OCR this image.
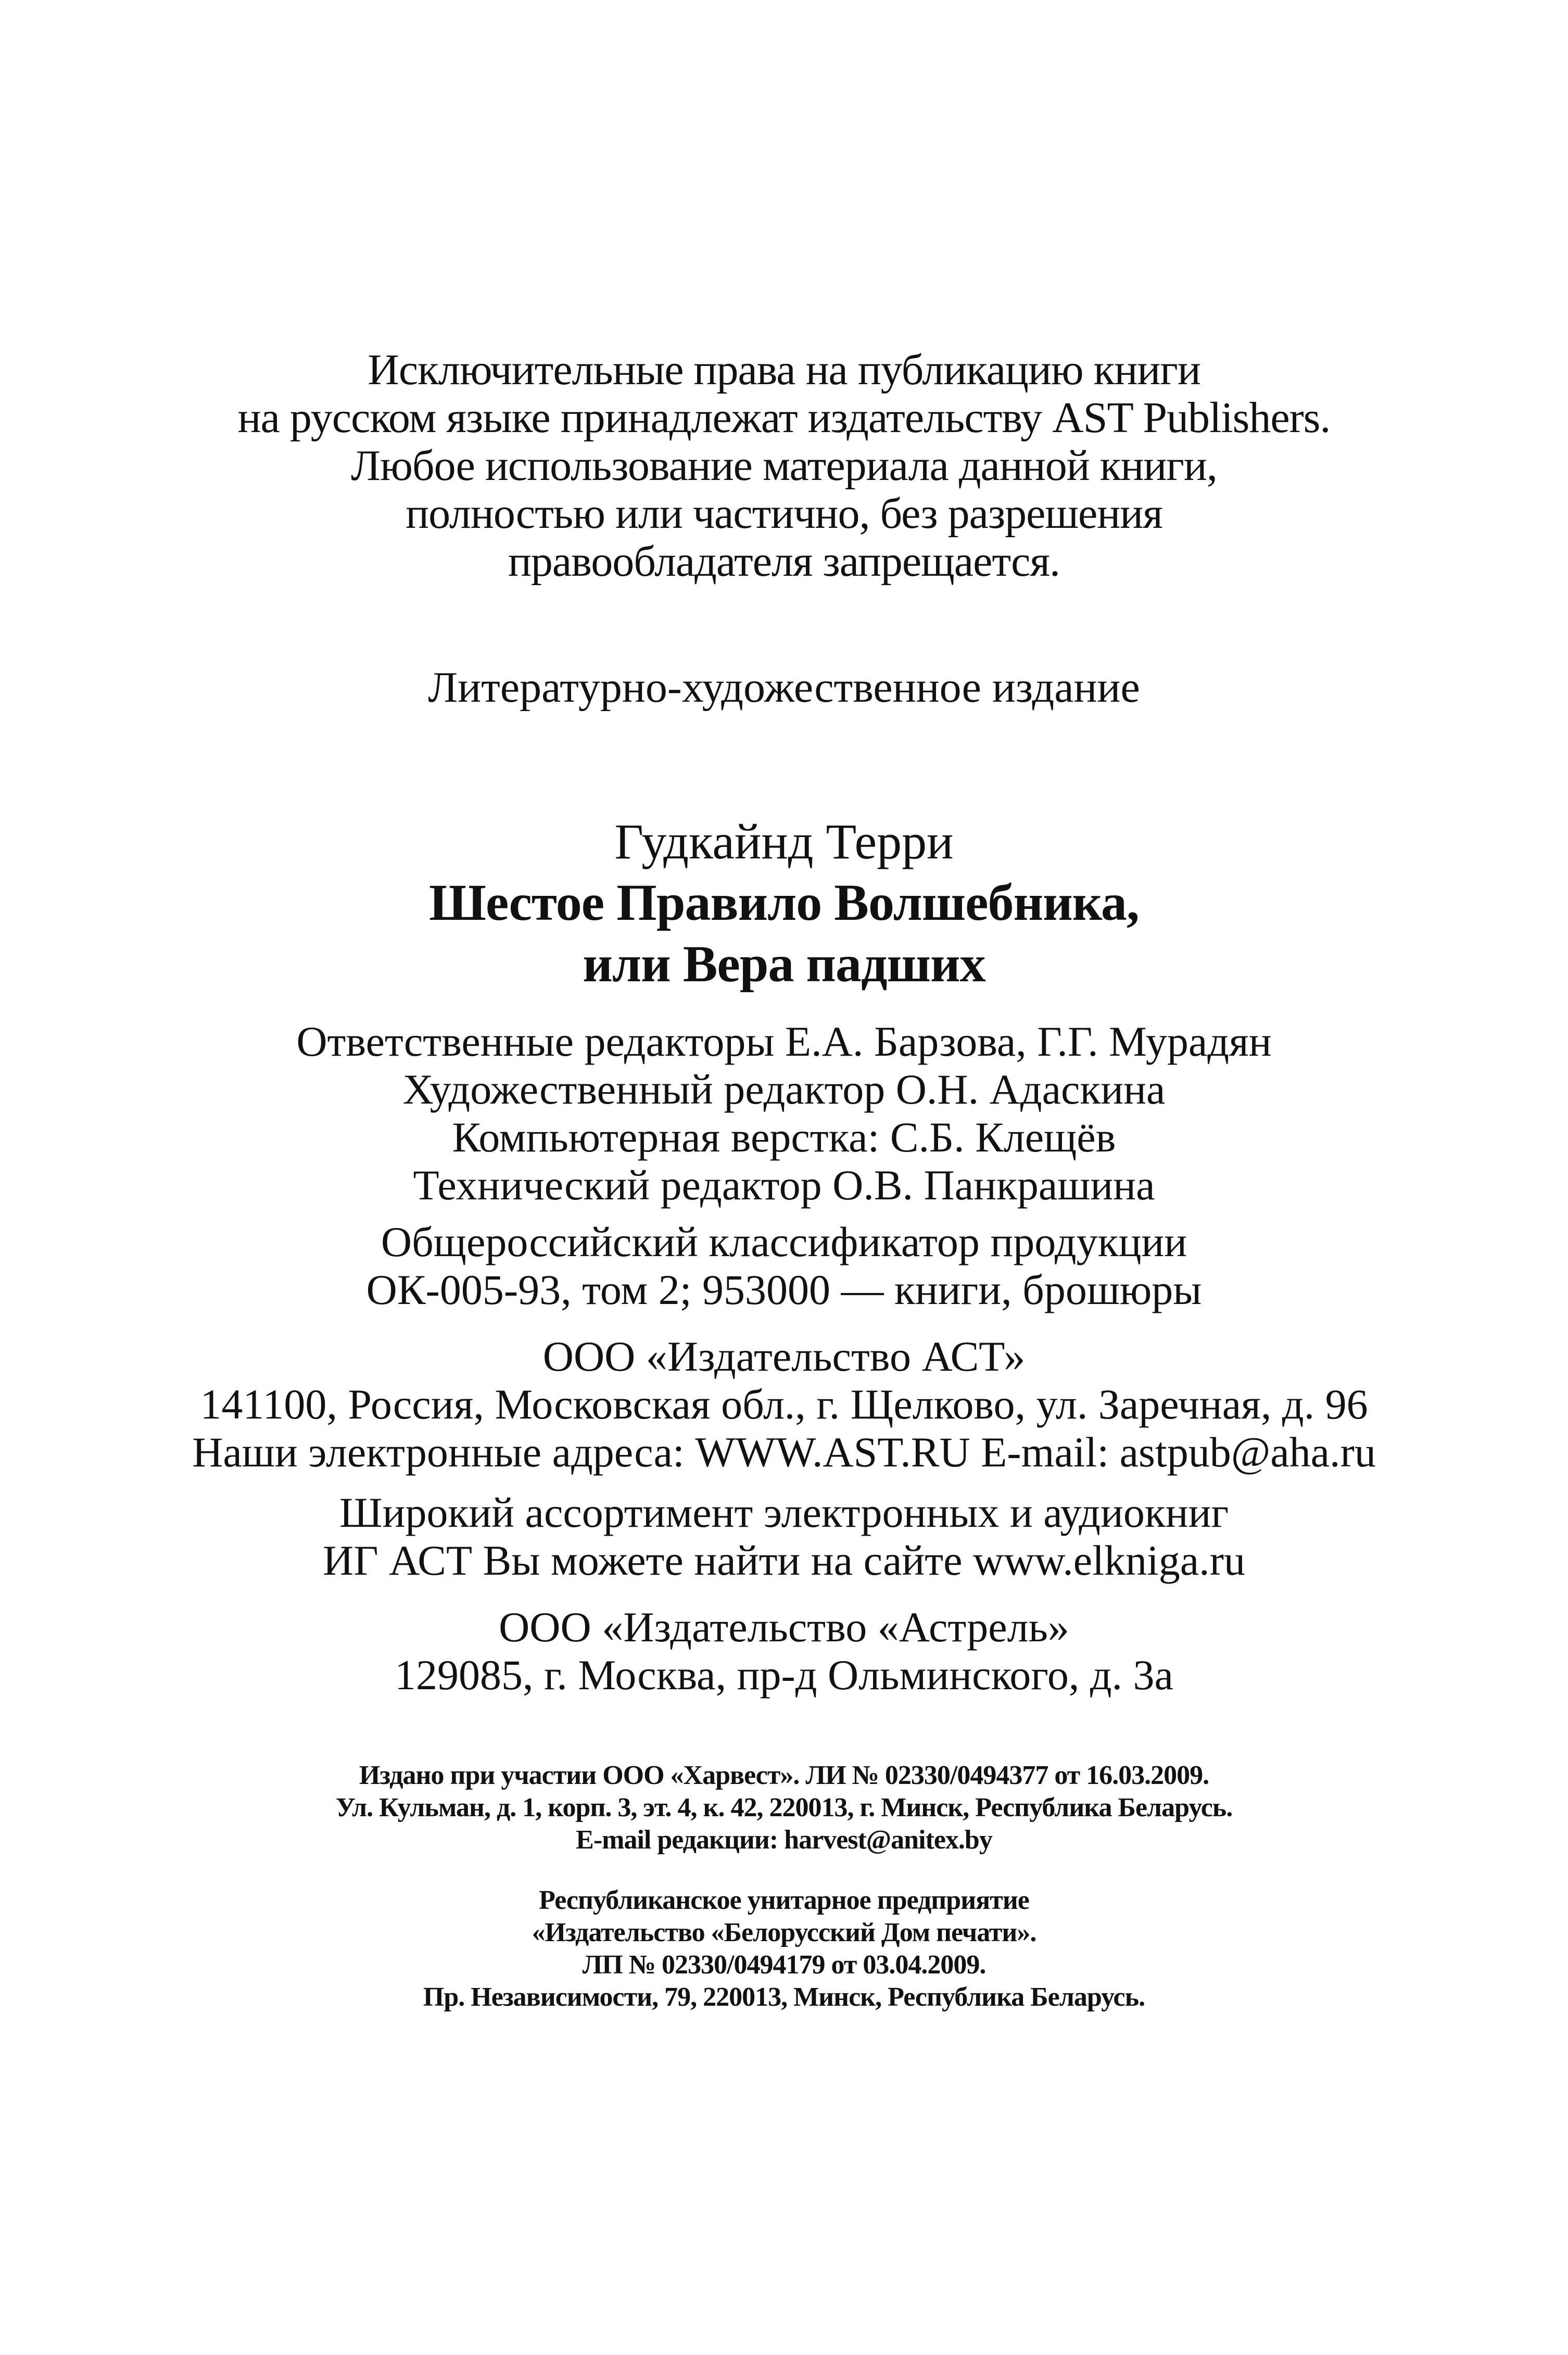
Исключительные права на публикацию книги
на русском языке принадлежат издательству AST Publishers.
Любое использование материала данной книги,
полностью или частично, без разрешения
правообладателя запрещается.
Литературно-художественное издание
Гудкайнд Терри
Шестое Правило Волшебника,
или Вера падших
Ответственные редакторы Е.А. Барзова, Г.Г. Мурадян
Художественный редактор О.Н. Адаскина
Компьютерная верстка: С.Б. Клещёв
Технический редактор О.В. Панкрашина
Общероссийский классификатор продукции
ОК-005-93, том 2; 953000 — книги, брошюры
ООО «Издательство АСТ»
141100, Россия, Московская обл., г. Щелково, ул. Заречная, д. 96
Наши электронные адреса: WWW.AST.RU E-mail: astpub@aha.ru
Широкий ассортимент электронных и аудиокниг
ИГ АСТ Вы можете найти на сайте www.elkniga.ru
ООО «Издательство «Астрель»
129085, г. Москва, пр-д Ольминского, д. 3а
Издано при участии ООО «Харвест». ЛИ № 02330/0494377 от 16.03.2009.
Ул. Кульман, д. 1, корп. 3, эт. 4, к. 42, 220013, г. Минск, Республика Беларусь.
E-mail редакции: harvest@anitex.by
Республиканское унитарное предприятие
«Издательство «Белорусский Дом печати».
ЛП № 02330/0494179 от 03.04.2009.
Пр. Независимости, 79, 220013, Минск, Республика Беларусь.
